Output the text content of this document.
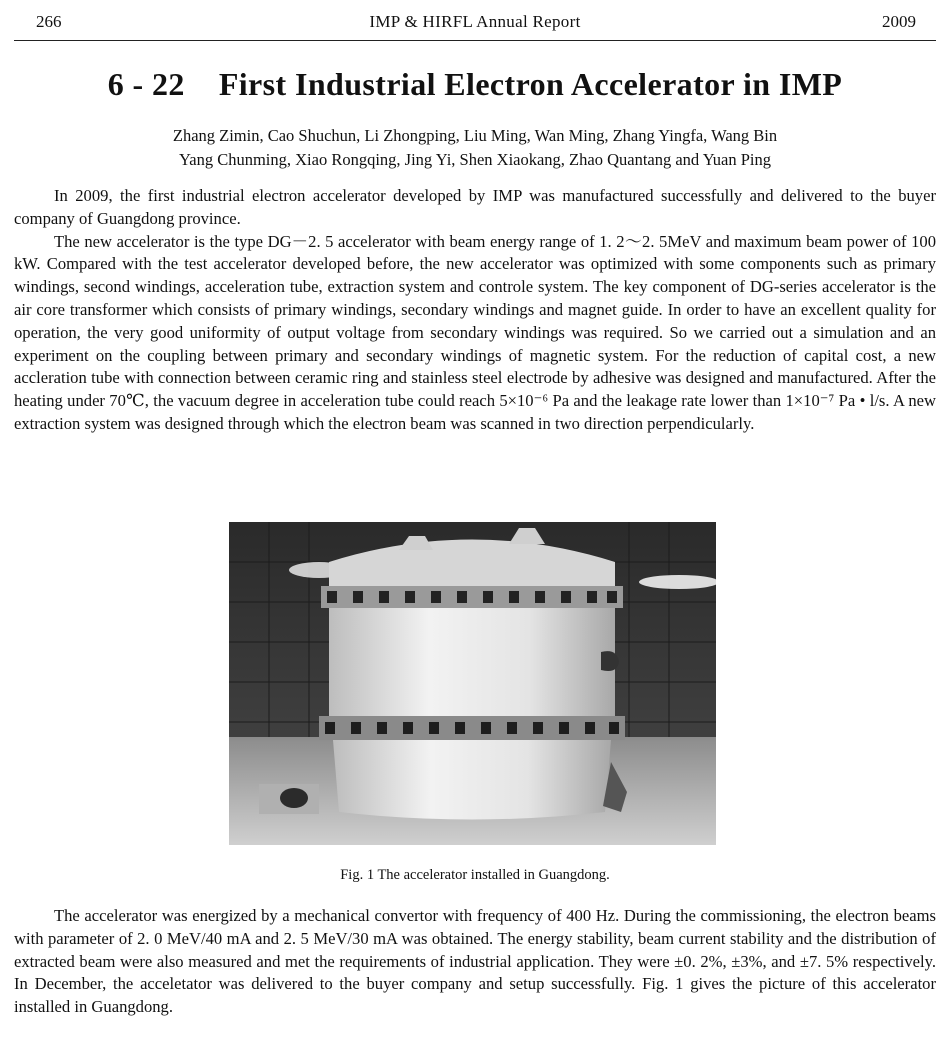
266	IMP & HIRFL Annual Report	2009
6 - 22 First Industrial Electron Accelerator in IMP
Zhang Zimin, Cao Shuchun, Li Zhongping, Liu Ming, Wan Ming, Zhang Yingfa, Wang Bin
Yang Chunming, Xiao Rongqing, Jing Yi, Shen Xiaokang, Zhao Quantang and Yuan Ping

In 2009, the first industrial electron accelerator developed by IMP was manufactured successfully and delivered to the buyer company of Guangdong province.

The new accelerator is the type DG－2. 5 accelerator with beam energy range of 1. 2～2. 5MeV and maximum beam power of 100 kW. Compared with the test accelerator developed before, the new accelerator was optimized with some components such as primary windings, second windings, acceleration tube, extraction system and controle system. The key component of DG-series accelerator is the air core transformer which consists of primary windings, secondary windings and magnet guide. In order to have an excellent quality for operation, the very good uniformity of output voltage from secondary windings was required. So we carried out a simulation and an experiment on the coupling between primary and secondary windings of magnetic system. For the reduction of capital cost, a new accleration tube with connection between ceramic ring and stainless steel electrode by adhesive was designed and manufactured. After the heating under 70℃, the vacuum degree in acceleration tube could reach 5×10⁻⁶ Pa and the leakage rate lower than 1×10⁻⁷ Pa • l/s. A new extraction system was designed through which the electron beam was scanned in two direction perpendicularly.

Fig. 1 The accelerator installed in Guangdong.

The accelerator was energized by a mechanical convertor with frequency of 400 Hz. During the commissioning, the electron beams with parameter of 2. 0 MeV/40 mA and 2. 5 MeV/30 mA was obtained. The energy stability, beam current stability and the distribution of extracted beam were also measured and met the requirements of industrial application. They were ±0. 2%, ±3%, and ±7. 5% respectively. In December, the acceletator was delivered to the buyer company and setup successfully. Fig. 1 gives the picture of this accelerator installed in Guangdong.
